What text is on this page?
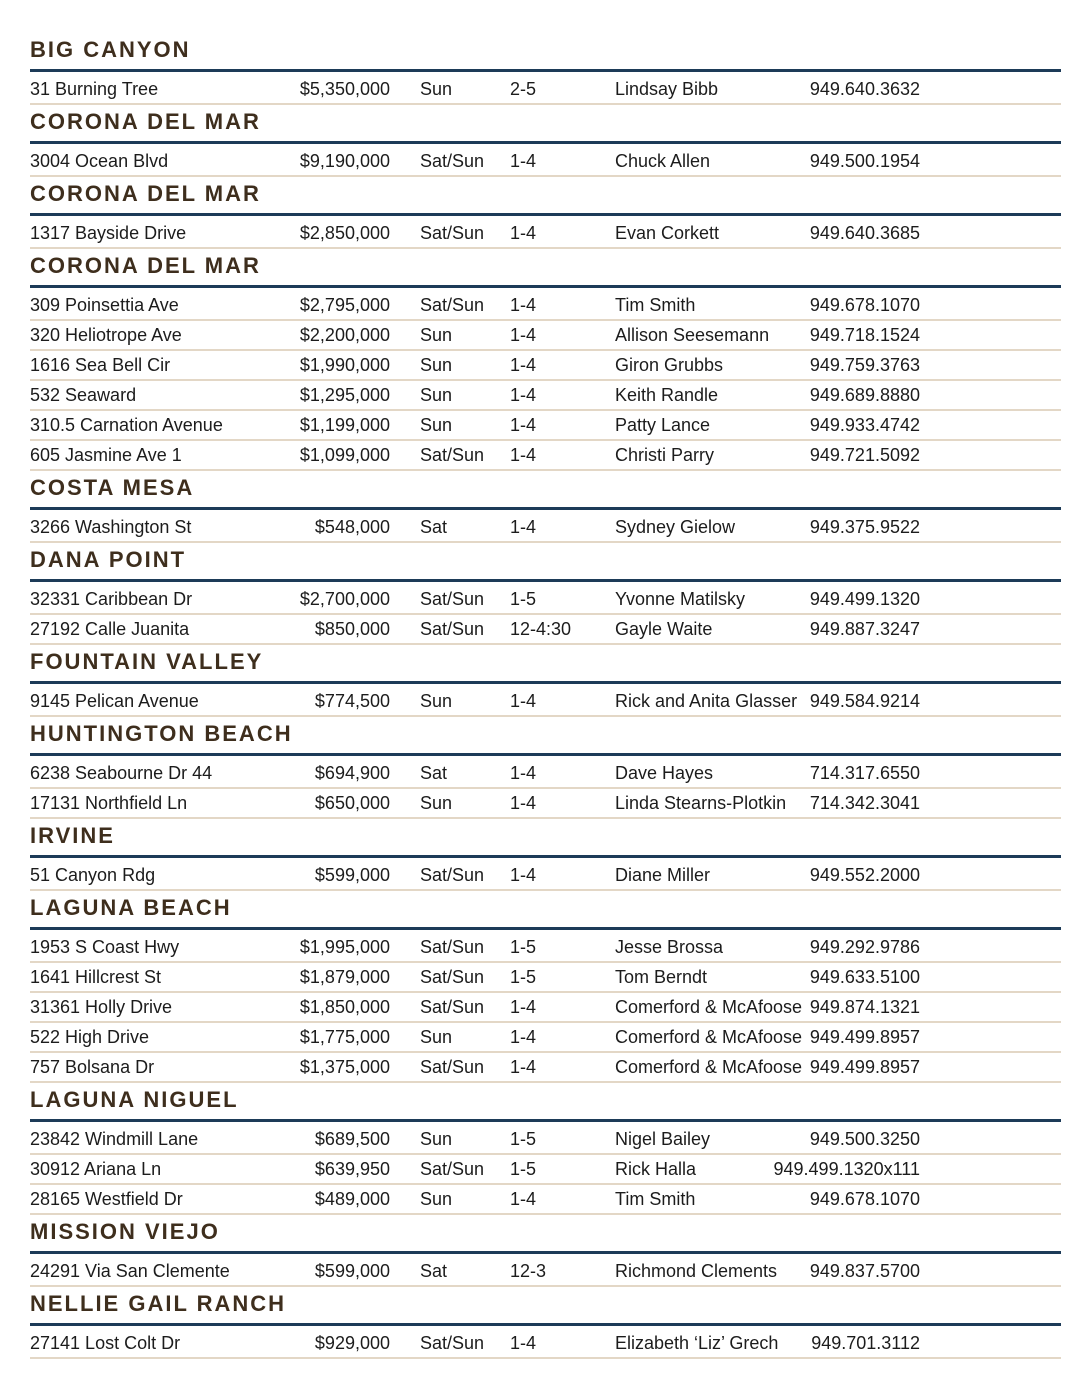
BIG CANYON
31 Burning Tree	$5,350,000 Sun	2-5	Lindsay Bibb	949.640.3632
CORONA DEL MAR
3004 Ocean Blvd	$9,190,000 Sat/Sun	1-4	Chuck Allen	949.500.1954
CORONA DEL MAR
1317 Bayside Drive	$2,850,000 Sat/Sun	1-4	Evan Corkett	949.640.3685
CORONA DEL MAR
309 Poinsettia Ave	$2,795,000 Sat/Sun	1-4	Tim Smith	949.678.1070
320 Heliotrope Ave	$2,200,000 Sun	1-4	Allison Seesemann 949.718.1524
1616 Sea Bell Cir	$1,990,000 Sun	1-4	Giron Grubbs	949.759.3763
532 Seaward	$1,295,000 Sun	1-4	Keith Randle	949.689.8880
310.5 Carnation Avenue	$1,199,000 Sun	1-4	Patty Lance	949.933.4742
605 Jasmine Ave 1	$1,099,000 Sat/Sun	1-4	Christi Parry	949.721.5092
COSTA MESA
3266 Washington St	$548,000 Sat	1-4	Sydney Gielow	949.375.9522
DANA POINT
32331 Caribbean Dr	$2,700,000 Sat/Sun	1-5	Yvonne Matilsky	949.499.1320
27192 Calle Juanita	$850,000 Sat/Sun	12-4:30	Gayle Waite	949.887.3247
FOUNTAIN VALLEY
9145 Pelican Avenue	$774,500 Sun	1-4	Rick and Anita Glasser 949.584.9214
HUNTINGTON BEACH
6238 Seabourne Dr 44	$694,900 Sat	1-4	Dave Hayes	714.317.6550
17131 Northfield Ln	$650,000 Sun	1-4	Linda Stearns-Plotkin 714.342.3041
IRVINE
51 Canyon Rdg	$599,000 Sat/Sun	1-4	Diane Miller	949.552.2000
LAGUNA BEACH
1953 S Coast Hwy	$1,995,000 Sat/Sun	1-5	Jesse Brossa	949.292.9786
1641 Hillcrest St	$1,879,000 Sat/Sun	1-5	Tom Berndt	949.633.5100
31361 Holly Drive	$1,850,000 Sat/Sun	1-4	Comerford & McAfoose 949.874.1321
522 High Drive	$1,775,000 Sun	1-4	Comerford & McAfoose 949.499.8957
757 Bolsana Dr	$1,375,000 Sat/Sun	1-4	Comerford & McAfoose 949.499.8957
LAGUNA NIGUEL
23842 Windmill Lane	$689,500 Sun	1-5	Nigel Bailey	949.500.3250
30912 Ariana Ln	$639,950 Sat/Sun	1-5	Rick Halla	949.499.1320x111
28165 Westfield Dr	$489,000 Sun	1-4	Tim Smith	949.678.1070
MISSION VIEJO
24291 Via San Clemente	$599,000 Sat	12-3	Richmond Clements 949.837.5700
NELLIE GAIL RANCH
27141 Lost Colt Dr	$929,000 Sat/Sun	1-4	Elizabeth ‘Liz’ Grech 949.701.3112
